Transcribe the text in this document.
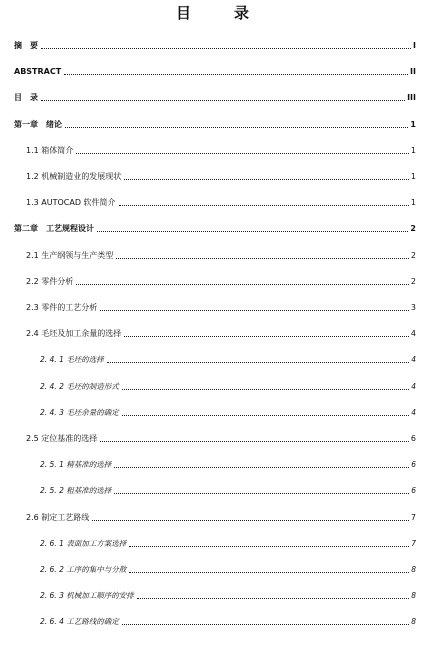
目　录
摘　要	I
ABSTRACT	II
目　录	III
第一章　绪论	1
1.1 箱体简介	1
1.2 机械制造业的发展现状	1
1.3 AUTOCAD 软件简介	1
第二章　工艺规程设计	2
2.1 生产纲领与生产类型	2
2.2 零件分析	2
2.3 零件的工艺分析	3
2.4 毛坯及加工余量的选择	4
2. 4. 1 毛坯的选择	4
2. 4. 2 毛坯的制造形式	4
2. 4. 3 毛坯余量的确定	4
2.5 定位基准的选择	6
2. 5. 1 精基准的选择	6
2. 5. 2 粗基准的选择	6
2.6 制定工艺路线	7
2. 6. 1 表面加工方案选择	7
2. 6. 2 工序的集中与分散	8
2. 6. 3 机械加工顺序的安排	8
2. 6. 4 工艺路线的确定	8
